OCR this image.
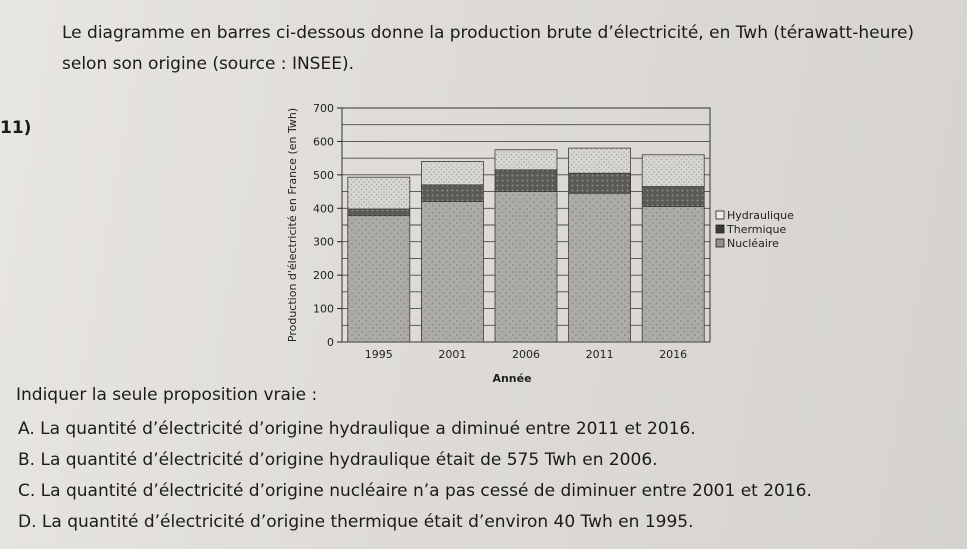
Le diagramme en barres ci-dessous donne la production brute d’électricité, en Twh (térawatt-heure) selon son origine (source : INSEE).
11)
0
100
200
300
400
500
600
700
Production d'électricité en France (en Twh)
1995	2001	2006	2011	2016
Année
Hydraulique
Thermique
Nucléaire
Indiquer la seule proposition vraie :
A. La quantité d’électricité d’origine hydraulique a diminué entre 2011 et 2016.
B. La quantité d’électricité d’origine hydraulique était de 575 Twh en 2006.
C. La quantité d’électricité d’origine nucléaire n’a pas cessé de diminuer entre 2001 et 2016.
D. La quantité d’électricité d’origine thermique était d’environ 40 Twh en 1995.
